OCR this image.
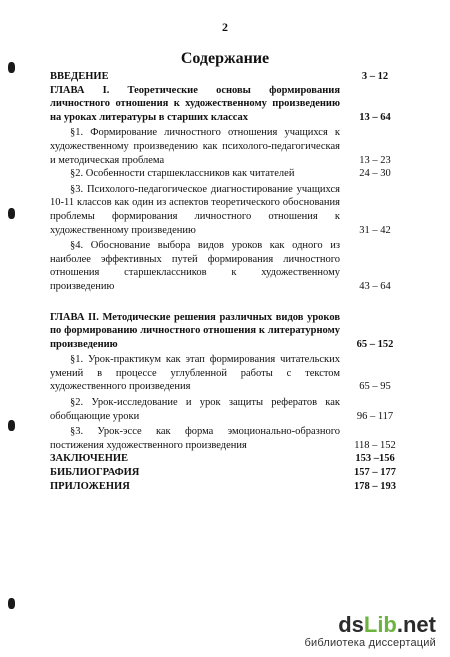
2
Содержание
ВВЕДЕНИЕ	3 – 12
ГЛАВА I. Теоретические основы формирования личностного отношения к художественному произведению на уроках литературы в старших классах	13 – 64
§1. Формирование личностного отношения учащихся к художественному произведению как психолого-педагогическая и методическая проблема	13 – 23
§2. Особенности старшеклассников как читателей	24 – 30
§3. Психолого-педагогическое диагностирование учащихся 10-11 классов как один из аспектов теоретического обоснования проблемы формирования личностного отношения к художественному произведению	31 – 42
§4. Обоснование выбора видов уроков как одного из наиболее эффективных путей формирования личностного отношения старшеклассников к художественному произведению	43 – 64
ГЛАВА II. Методические решения различных видов уроков по формированию личностного отношения к литературному произведению	65 – 152
§1. Урок-практикум как этап формирования читательских умений в процессе углубленной работы с текстом художественного произведения	65 – 95
§2. Урок-исследование и урок защиты рефератов как обобщающие уроки	96 – 117
§3. Урок-эссе как форма эмоционально-образного постижения художественного произведения	118 – 152
ЗАКЛЮЧЕНИЕ	153 –156
БИБЛИОГРАФИЯ	157 – 177
ПРИЛОЖЕНИЯ	178 – 193
dsLib.net
библиотека диссертаций
